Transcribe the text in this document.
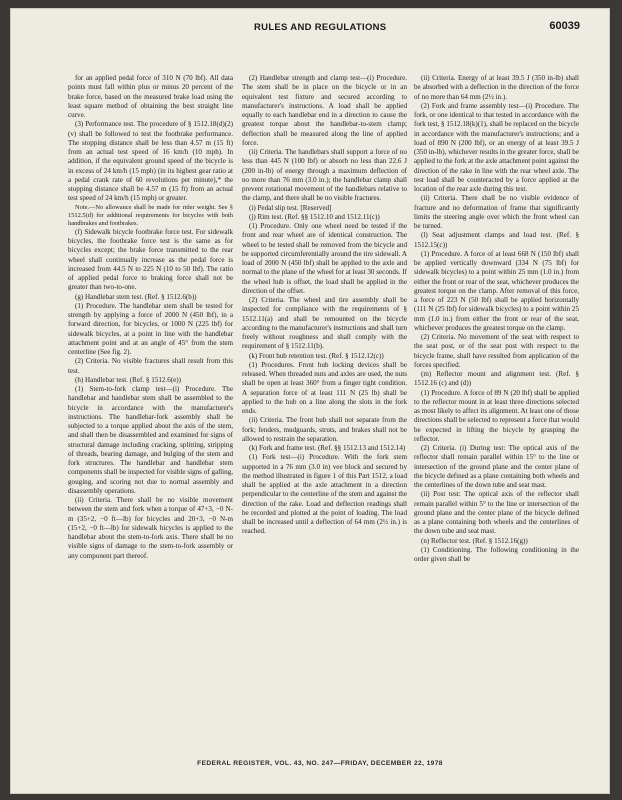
RULES AND REGULATIONS	60039

for an applied pedal force of 310 N (70 lbf). All data points must fall within plus or minus 20 percent of the brake force, based on the measured brake load using the least square method of obtaining the best straight line curve.

(3) Performance test. The procedure of § 1512.18(d)(2)(v) shall be followed to test the footbrake performance. The stopping distance shall be less than 4.57 m (15 ft) from an actual test speed of 16 km/h (10 mph). In addition, if the equivalent ground speed of the bicycle is in excess of 24 km/h (15 mph) (in its highest gear ratio at a pedal crank rate of 60 revolutions per minute),* the stopping distance shall be 4.57 m (15 ft) from an actual test speed of 24 km/h (15 mph) or greater.

Note.—No allowance shall be made for rider weight. See § 1512.5(d) for additional requirements for bicycles with both handbrakes and footbrakes.

(f) Sidewalk bicycle footbrake force test. For sidewalk bicycles, the footbrake force test is the same as for bicycles except; the brake force transmitted to the rear wheel shall continually increase as the pedal force is increased from 44.5 N to 225 N (10 to 50 lbf). The ratio of applied pedal force to braking force shall not be greater than two-to-one.

(g) Handlebar stem test. (Ref. § 1512.6(b))

(1) Procedure. The handlebar stem shall be tested for strength by applying a force of 2000 N (450 lbf), in a forward direction, for bicycles, or 1000 N (225 lbf) for sidewalk bicycles, at a point in line with the handlebar attachment point and at an angle of 45° from the stem centerline (See fig. 2).

(2) Criteria. No visible fractures shall result from this test.

(h) Handlebar test. (Ref. § 1512.6(e))

(1) Stem-to-fork clamp test—(i) Procedure. The handlebar and handlebar stem shall be assembled to the bicycle in accordance with the manufacturer's instructions. The handlebar-fork assembly shall be subjected to a torque applied about the axis of the stem, and shall then be disassembled and examined for signs of structural damage including cracking, splitting, stripping of threads, bearing damage, and bulging of the stem and fork structures. The handlebar and handlebar stem components shall be inspected for visible signs of galling, gouging, and scoring not due to normal assembly and disassembly operations.

(ii) Criteria. There shall be no visible movement between the stem and fork when a torque of 47+3, −0 N-m (35+2, −0 ft—lb) for bicycles and 20+3, −0 N-m (15+2, −0 ft—lb) for sidewalk bicycles is applied to the handlebar about the stem-to-fork axis. There shall be no visible signs of damage to the stem-to-fork assembly or any component part thereof.

(2) Handlebar strength and clamp test—(i) Procedure. The stem shall be in place on the bicycle or in an equivalent test fixture and secured according to manufacturer's instructions. A load shall be applied equally to each handlebar end in a direction to cause the greatest torque about the handlebar-to-stem clamp; deflection shall be measured along the line of applied force.

(ii) Criteria. The handlebars shall support a force of no less than 445 N (100 lbf) or absorb no less than 22.6 J (200 in-lb) of energy through a maximum deflection of no more than 76 mm (3.0 in.); the handlebar clamp shall prevent rotational movement of the handlebars relative to the clamp, and there shall be no visible fractures.

(i) Pedal slip test. [Reserved]

(j) Rim test. (Ref. §§ 1512.10 and 1512.11(c))

(1) Procedure. Only one wheel need be tested if the front and rear wheel are of identical construction. The wheel to be tested shall be removed from the bicycle and be supported circumferentially around the tire sidewall. A load of 2000 N (450 lbf) shall be applied to the axle and normal to the plane of the wheel for at least 30 seconds. If the wheel hub is offset, the load shall be applied in the direction of the offset.

(2) Criteria. The wheel and tire assembly shall be inspected for compliance with the requirements of § 1512.11(a) and shall be remounted on the bicycle according to the manufacturer's instructions and shall turn freely without roughness and shall comply with the requirement of § 1512.11(b).

(k) Front hub retention test. (Ref. § 1512.12(c))

(1) Procedures. Front hub locking devices shall be released. When threaded nuts and axles are used, the nuts shall be open at least 360° from a finger tight condition. A separation force of at least 111 N (25 lb) shall be applied to the hub on a line along the slots in the fork ends.

(ii) Criteria. The front hub shall not separate from the fork; fenders, mudguards, struts, and brakes shall not be allowed to restrain the separation.

(k) Fork and frame test. (Ref. §§ 1512.13 and 1512.14)

(1) Fork test—(i) Procedure. With the fork stem supported in a 76 mm (3.0 in) vee block and secured by the method illustrated in figure 1 of this Part 1512, a load shall be applied at the axle attachment in a direction perpendicular to the centerline of the stem and against the direction of the rake. Load and deflection readings shall be recorded and plotted at the point of loading. The load shall be increased until a deflection of 64 mm (2½ in.) is reached.

(ii) Criteria. Energy of at least 39.5 J (350 in-lb) shall be absorbed with a deflection in the direction of the force of no more than 64 mm (2½ in.).

(2) Fork and frame assembly test—(i) Procedure. The fork, or one identical to that tested in accordance with the fork test, § 1512.18(k)(1), shall be replaced on the bicycle in accordance with the manufacturer's instructions; and a load of 890 N (200 lbf), or an energy of at least 39.5 J (350 in-lb), whichever results in the greater force, shall be applied to the fork at the axle attachment point against the direction of the rake in line with the rear wheel axle. The test load shall be counteracted by a force applied at the location of the rear axle during this test.

(ii) Criteria. There shall be no visible evidence of fracture and no deformation of frame that significantly limits the steering angle over which the front wheel can be turned.

(l) Seat adjustment clamps and load test. (Ref. § 1512.15(c))

(1) Procedure. A force of at least 668 N (150 lbf) shall be applied vertically downward (334 N (75 lbf) for sidewalk bicycles) to a point within 25 mm (1.0 in.) from either the front or rear of the seat, whichever produces the greatest torque on the clamp. After removal of this force, a force of 223 N (50 lbf) shall be applied horizontally (111 N (25 lbf) for sidewalk bicycles) to a point within 25 mm (1.0 in.) from either the front or rear of the seat, whichever produces the greatest torque on the clamp.

(2) Criteria. No movement of the seat with respect to the seat post, or of the seat post with respect to the bicycle frame, shall have resulted from application of the forces specified.

(m) Reflector mount and alignment test. (Ref. § 1512.16 (c) and (d))

(1) Procedure. A force of 89 N (20 lbf) shall be applied to the reflector mount in at least three directions selected as most likely to affect its alignment. At least one of those directions shall be selected to represent a force that would be expected in lifting the bicycle by grasping the reflector.

(2) Criteria. (i) During test: The optical axis of the reflector shall remain parallel within 15° to the line or intersection of the ground plane and the center plane of the bicycle defined as a plane containing both wheels and the centerlines of the down tube and seat mast.

(ii) Post test: The optical axis of the reflector shall remain parallel within 5° to the line or intersection of the ground plane and the center plane of the bicycle defined as a plane containing both wheels and the centerlines of the down tube and seat mast.

(n) Reflector test. (Ref. § 1512.16(g))

(1) Conditioning. The following conditioning in the order given shall be

FEDERAL REGISTER, VOL. 43, NO. 247—FRIDAY, DECEMBER 22, 1978
